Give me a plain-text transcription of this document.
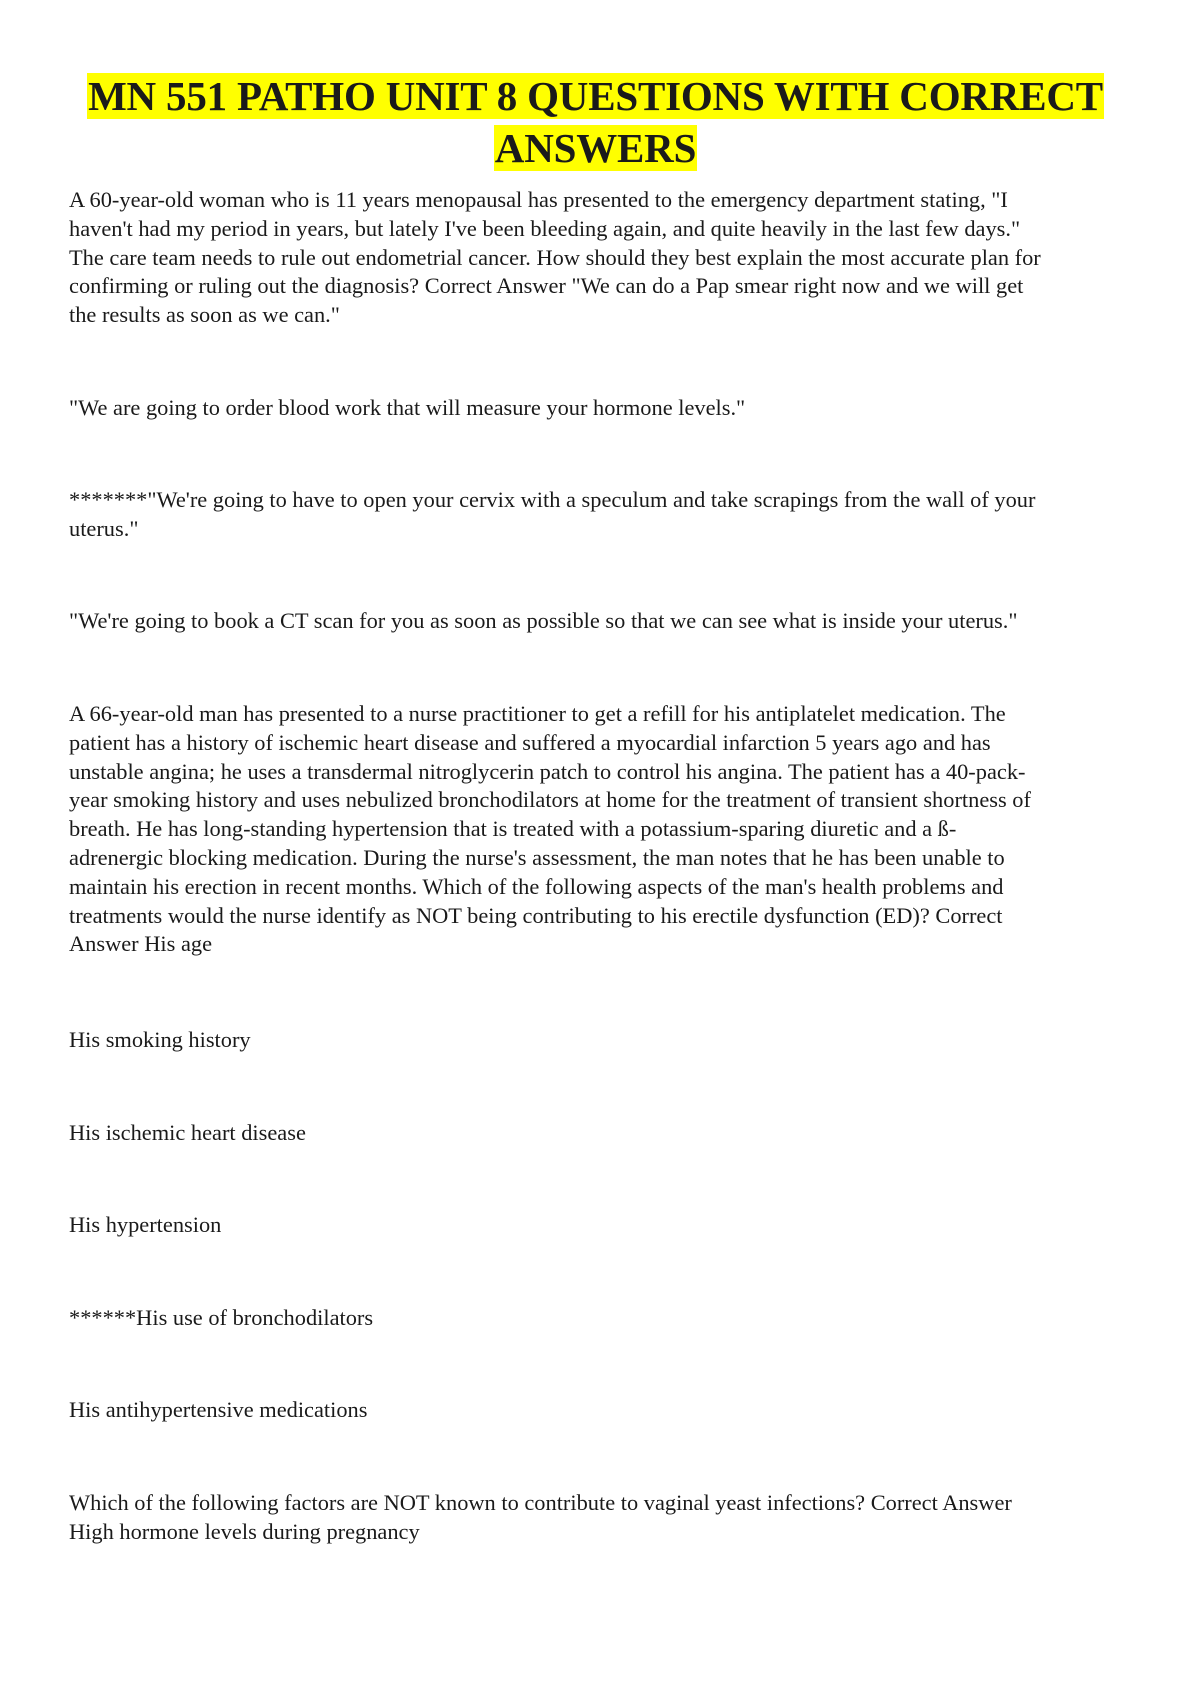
MN 551 PATHO UNIT 8 QUESTIONS WITH CORRECT
ANSWERS
A 60-year-old woman who is 11 years menopausal has presented to the emergency department stating, "I
haven't had my period in years, but lately I've been bleeding again, and quite heavily in the last few days."
The care team needs to rule out endometrial cancer. How should they best explain the most accurate plan for
confirming or ruling out the diagnosis? Correct Answer "We can do a Pap smear right now and we will get
the results as soon as we can."
"We are going to order blood work that will measure your hormone levels."
*******"We're going to have to open your cervix with a speculum and take scrapings from the wall of your
uterus."
"We're going to book a CT scan for you as soon as possible so that we can see what is inside your uterus."
A 66-year-old man has presented to a nurse practitioner to get a refill for his antiplatelet medication. The
patient has a history of ischemic heart disease and suffered a myocardial infarction 5 years ago and has
unstable angina; he uses a transdermal nitroglycerin patch to control his angina. The patient has a 40-pack-
year smoking history and uses nebulized bronchodilators at home for the treatment of transient shortness of
breath. He has long-standing hypertension that is treated with a potassium-sparing diuretic and a ß-
adrenergic blocking medication. During the nurse's assessment, the man notes that he has been unable to
maintain his erection in recent months. Which of the following aspects of the man's health problems and
treatments would the nurse identify as NOT being contributing to his erectile dysfunction (ED)? Correct
Answer His age
His smoking history
His ischemic heart disease
His hypertension
******His use of bronchodilators
His antihypertensive medications
Which of the following factors are NOT known to contribute to vaginal yeast infections? Correct Answer
High hormone levels during pregnancy
